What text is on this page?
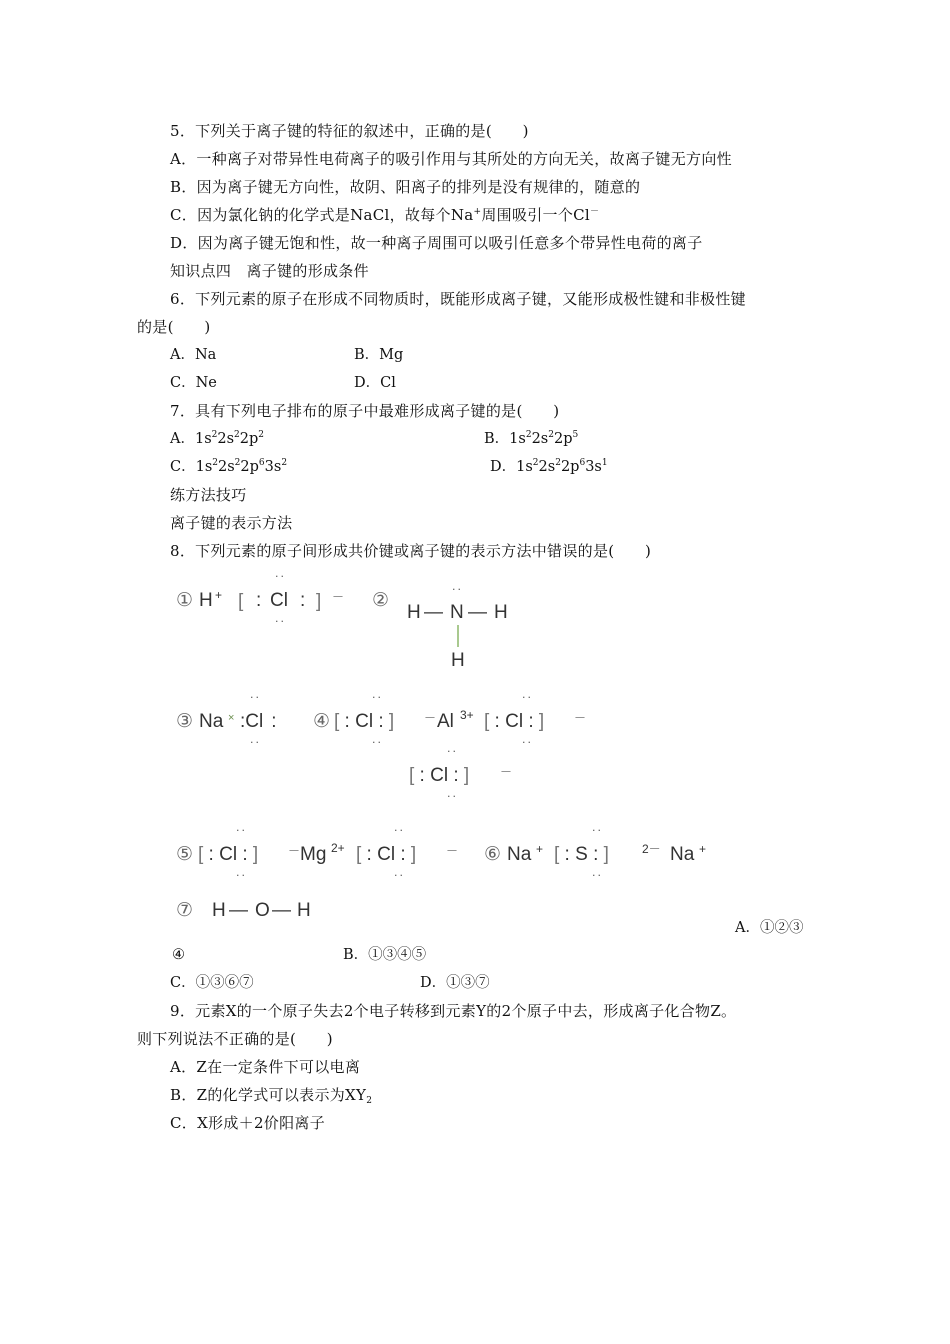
5．下列关于离子键的特征的叙述中，正确的是(　　)
A．一种离子对带异性电荷离子的吸引作用与其所处的方向无关，故离子键无方向性
B．因为离子键无方向性，故阴、阳离子的排列是没有规律的，随意的
C．因为氯化钠的化学式是NaCl，故每个Na+周围吸引一个Cl－
D．因为离子键无饱和性，故一种离子周围可以吸引任意多个带异性电荷的离子
知识点四　离子键的形成条件
6．下列元素的原子在形成不同物质时，既能形成离子键，又能形成极性键和非极性键
的是(　　)
A．Na	B．Mg
C．Ne	D．Cl
7．具有下列电子排布的原子中最难形成离子键的是(　　)
A．$1s^22s^22p^2$	B．$1s^22s^22p^5$
C．$1s^22s^22p^63s^2$	D．$1s^22s^22p^63s^1$
练方法技巧
离子键的表示方法
8．下列元素的原子间形成共价键或离子键的表示方法中错误的是(　　)
① H + [ :
··
Cl
··
: ] － ②
··
H — N — H
H
③ Na ×
··
:Cl :
··
④
··
[ : Cl : ]
··
－ Al 3+
··
[ : Cl : ]
··
－
··
[ : Cl : ]
··
－
⑤
··
[ : Cl : ]
··
－ Mg 2+
··
[ : Cl : ]
··
－ ⑥ Na +
··
[ : S : ]
··
2－ Na +
⑦ H — O — H
A．①②③
④	B．①③④⑤
C．①③⑥⑦	D．①③⑦
9．元素X的一个原子失去2个电子转移到元素Y的2个原子中去，形成离子化合物Z。
则下列说法不正确的是(　　)
A．Z在一定条件下可以电离
B．Z的化学式可以表示为$XY_2$
C．X形成＋2价阳离子
